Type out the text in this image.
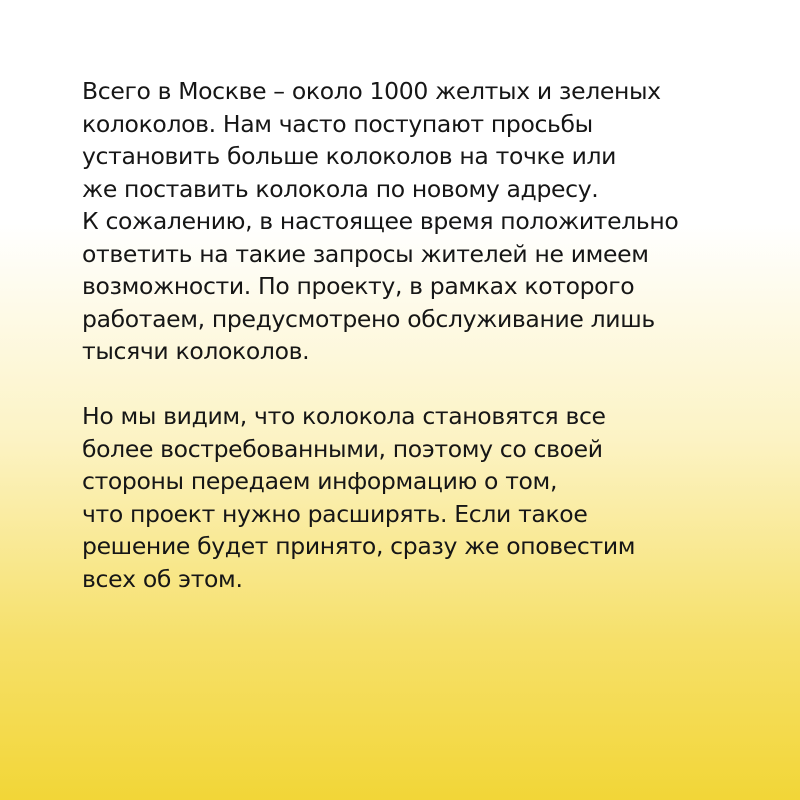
Всего в Москве – около 1000 желтых и зеленых
колоколов. Нам часто поступают просьбы
установить больше колоколов на точке или
же поставить колокола по новому адресу.
К сожалению, в настоящее время положительно
ответить на такие запросы жителей не имеем
возможности. По проекту, в рамках которого
работаем, предусмотрено обслуживание лишь
тысячи колоколов.

Но мы видим, что колокола становятся все
более востребованными, поэтому со своей
стороны передаем информацию о том,
что проект нужно расширять. Если такое
решение будет принято, сразу же оповестим
всех об этом.
